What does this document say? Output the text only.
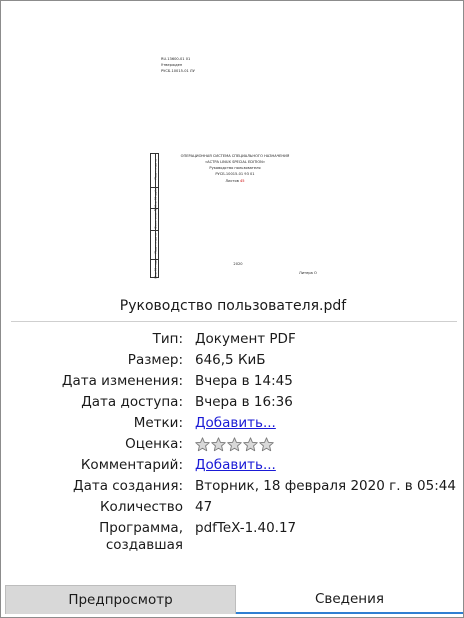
RU.13600-01 01
Утвержден
РУСБ.10015-01 ЛУ
ОПЕРАЦИОННАЯ СИСТЕМА СПЕЦИАЛЬНОГО НАЗНАЧЕНИЯ
«АСТРА LINUX SPECIAL EDITION»
Руководство пользователя
РУСБ.10015-01 93 01
Листов 45
2020
Литера О
Подп. и дата
Инв. № дубл.
Взам. инв. №
Подп. и дата
Инв. № подл.
Руководство пользователя.pdf
Тип: Документ PDF
Размер: 646,5 КиБ
Дата изменения: Вчера в 14:45
Дата доступа: Вчера в 16:36
Метки: Добавить...
Оценка:
Комментарий: Добавить...
Дата создания: Вторник, 18 февраля 2020 г. в 05:44
Количество 47
Программа, pdfTeX-1.40.17
создавшая
Предпросмотр	Сведения
